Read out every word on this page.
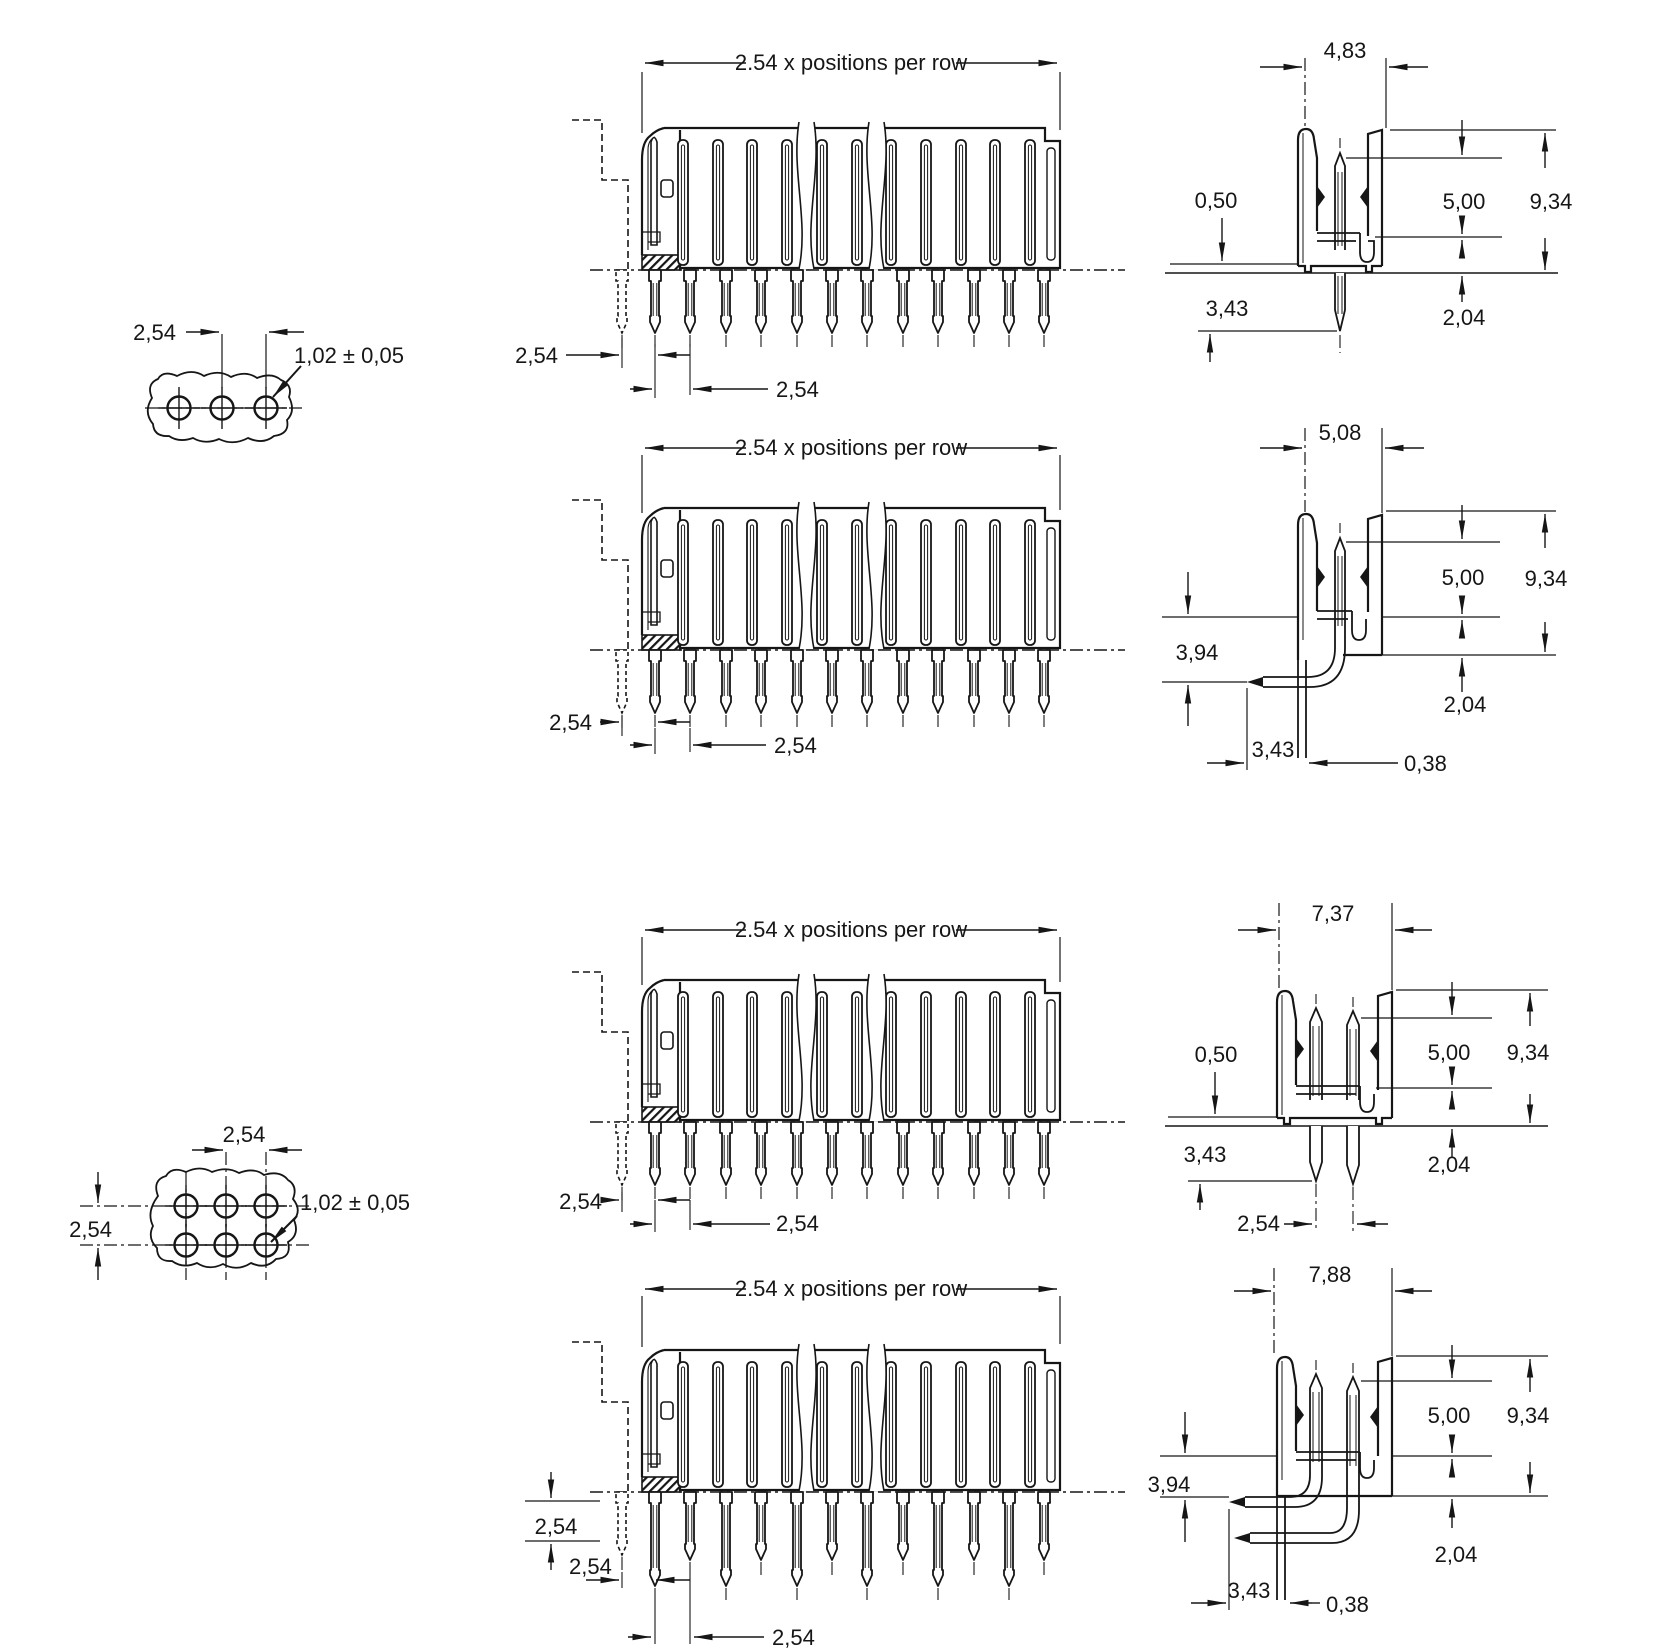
2,54
1,02 ± 0,05
2,54
2,54
1,02 ± 0,05
2.54 x positions per row
2,54
2,54
4,83
0,50	5,00
2,04
9,34
3,43
2.54 x positions per row
2,54
2,54
5,08
3,94
5,00
2,04
9,34
3,43
0,38
2.54 x positions per row
2,54
2,54
7,37
0,50	5,00
2,04
9,34
3,43
2,54
2.54 x positions per row
2,54
2,54
2,54
7,88
3,94
5,00
2,04
9,34
3,43
0,38
